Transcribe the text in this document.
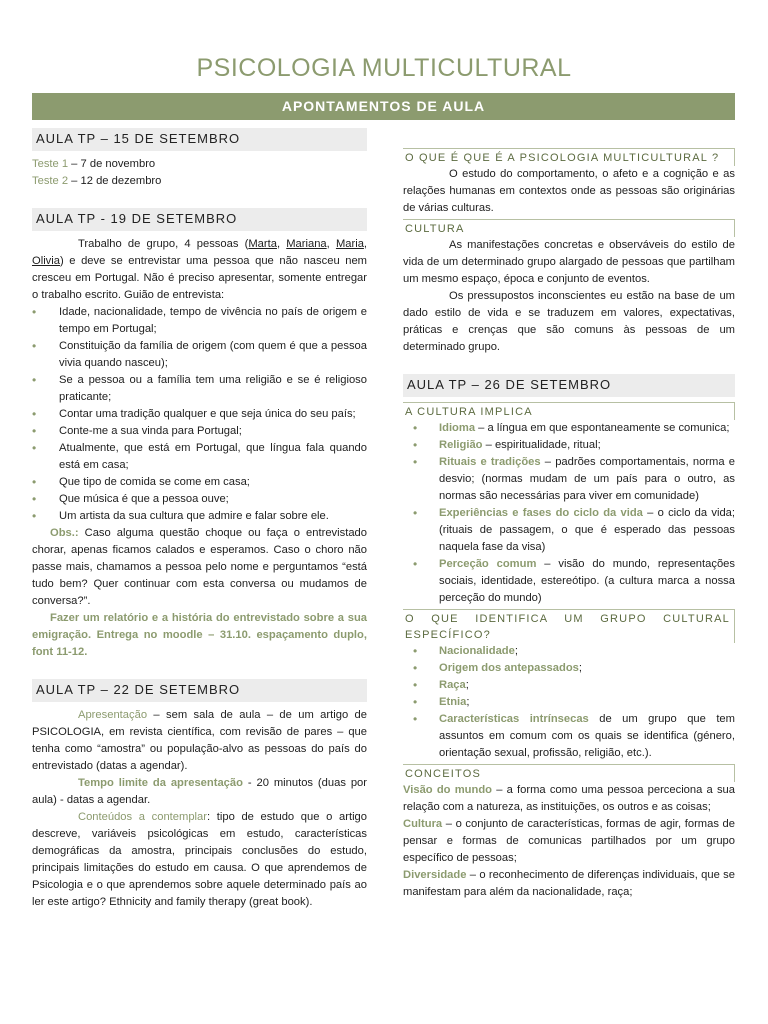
PSICOLOGIA MULTICULTURAL
APONTAMENTOS DE AULA
AULA TP – 15 DE SETEMBRO

Teste 1 – 7 de novembro

Teste 2 – 12 de dezembro

AULA TP - 19 DE SETEMBRO

Trabalho de grupo, 4 pessoas (Marta, Mariana, Maria, Olivia) e deve se entrevistar uma pessoa que não nasceu nem cresceu em Portugal. Não é preciso apresentar, somente entregar o trabalho escrito. Guião de entrevista:

• Idade, nacionalidade, tempo de vivência no país de origem e tempo em Portugal;
• Constituição da família de origem (com quem é que a pessoa vivia quando nasceu);
• Se a pessoa ou a família tem uma religião e se é religioso praticante;
• Contar uma tradição qualquer e que seja única do seu país;
• Conte-me a sua vinda para Portugal;
• Atualmente, que está em Portugal, que língua fala quando está em casa;
• Que tipo de comida se come em casa;
• Que música é que a pessoa ouve;
• Um artista da sua cultura que admire e falar sobre ele.

Obs.: Caso alguma questão choque ou faça o entrevistado chorar, apenas ficamos calados e esperamos. Caso o choro não passe mais, chamamos a pessoa pelo nome e perguntamos “está tudo bem? Quer continuar com esta conversa ou mudamos de conversa?”.

Fazer um relatório e a história do entrevistado sobre a sua emigração. Entrega no moodle – 31.10. espaçamento duplo, font 11-12.

AULA TP – 22 DE SETEMBRO

Apresentação – sem sala de aula – de um artigo de PSICOLOGIA, em revista científica, com revisão de pares – que tenha como “amostra” ou população-alvo as pessoas do país do entrevistado (datas a agendar).

Tempo limite da apresentação - 20 minutos (duas por aula) - datas a agendar.

Conteúdos a contemplar: tipo de estudo que o artigo descreve, variáveis psicológicas em estudo, características demográficas da amostra, principais conclusões do estudo, principais limitações do estudo em causa. O que aprendemos de Psicologia e o que aprendemos sobre aquele determinado país ao ler este artigo? Ethnicity and family therapy (great book).

O QUE É QUE É A PSICOLOGIA MULTICULTURAL ?

O estudo do comportamento, o afeto e a cognição e as relações humanas em contextos onde as pessoas são originárias de várias culturas.

CULTURA

As manifestações concretas e observáveis do estilo de vida de um determinado grupo alargado de pessoas que partilham um mesmo espaço, época e conjunto de eventos.

Os pressupostos inconscientes eu estão na base de um dado estilo de vida e se traduzem em valores, expectativas, práticas e crenças que são comuns às pessoas de um determinado grupo.

AULA TP – 26 DE SETEMBRO
A CULTURA IMPLICA
• Idioma – a língua em que espontaneamente se comunica;
• Religião – espiritualidade, ritual;
• Rituais e tradições – padrões comportamentais, norma e desvio; (normas mudam de um país para o outro, as normas são necessárias para viver em comunidade)
• Experiências e fases do ciclo da vida – o ciclo da vida; (rituais de passagem, o que é esperado das pessoas naquela fase da visa)
• Perceção comum – visão do mundo, representações sociais, identidade, estereótipo. (a cultura marca a nossa perceção do mundo)
O QUE IDENTIFICA UM GRUPO CULTURAL ESPECÍFICO?
• Nacionalidade;
• Origem dos antepassados;
• Raça;
• Etnia;
• Características intrínsecas de um grupo que tem assuntos em comum com os quais se identifica (género, orientação sexual, profissão, religião, etc.).
CONCEITOS

Visão do mundo – a forma como uma pessoa perceciona a sua relação com a natureza, as instituições, os outros e as coisas;

Cultura – o conjunto de características, formas de agir, formas de pensar e formas de comunicas partilhados por um grupo específico de pessoas;

Diversidade – o reconhecimento de diferenças individuais, que se manifestam para além da nacionalidade, raça;
